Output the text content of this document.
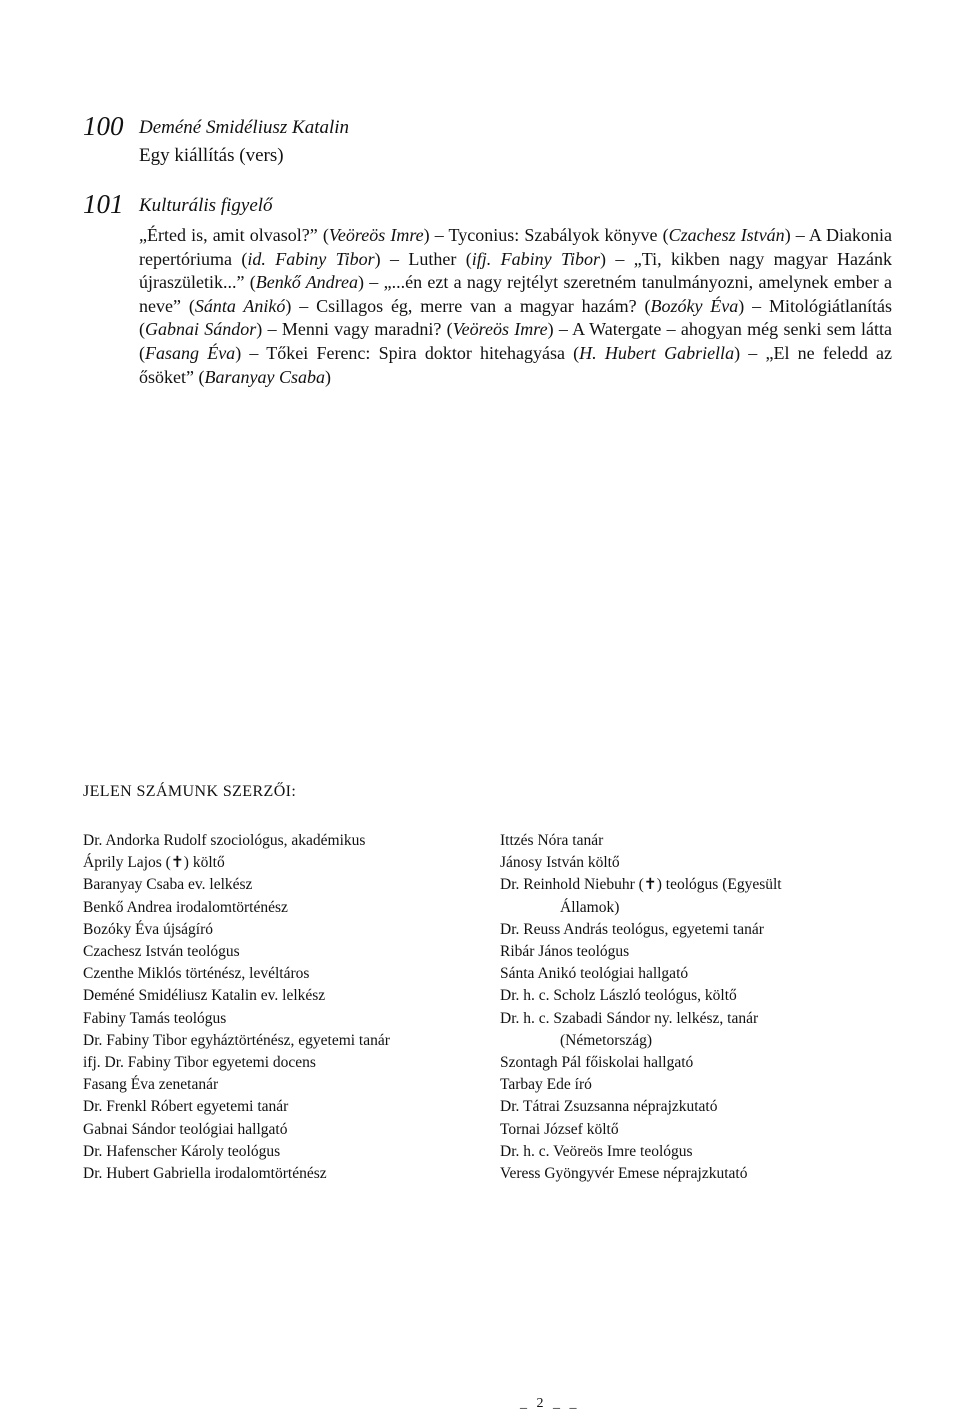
100 Deméné Smidéliusz Katalin
Egy kiállítás (vers)
101 Kulturális figyelő
„Érted is, amit olvasol?” (Veöreös Imre) – Tyconius: Szabályok könyve (Czachesz István) – A Diakonia repertóriuma (id. Fabiny Tibor) – Luther (ifj. Fabiny Tibor) – „Ti, kikben nagy magyar Hazánk újraszületik...” (Benkő Andrea) – „...én ezt a nagy rejtélyt szeretném tanulmányozni, amelynek ember a neve” (Sánta Anikó) – Csillagos ég, merre van a magyar hazám? (Bozóky Éva) – Mitológiátlanítás (Gabnai Sándor) – Menni vagy maradni? (Veöreös Imre) – A Watergate – ahogyan még senki sem látta (Fasang Éva) – Tőkei Ferenc: Spira doktor hitehagyása (H. Hubert Gabriella) – „El ne feledd az ősöket” (Baranyay Csaba)
JELEN SZÁMUNK SZERZŐI:
Dr. Andorka Rudolf szociológus, akadémikus
Áprily Lajos (✝) költő
Baranyay Csaba ev. lelkész
Benkő Andrea irodalomtörténész
Bozóky Éva újságíró
Czachesz István teológus
Czenthe Miklós történész, levéltáros
Deméné Smidéliusz Katalin ev. lelkész
Fabiny Tamás teológus
Dr. Fabiny Tibor egyháztörténész, egyetemi tanár
ifj. Dr. Fabiny Tibor egyetemi docens
Fasang Éva zenetanár
Dr. Frenkl Róbert egyetemi tanár
Gabnai Sándor teológiai hallgató
Dr. Hafenscher Károly teológus
Dr. Hubert Gabriella irodalomtörténész
Ittzés Nóra tanár
Jánosy István költő
Dr. Reinhold Niebuhr (✝) teológus (Egyesült
Államok)
Dr. Reuss András teológus, egyetemi tanár
Ribár János teológus
Sánta Anikó teológiai hallgató
Dr. h. c. Scholz László teológus, költő
Dr. h. c. Szabadi Sándor ny. lelkész, tanár
(Németország)
Szontagh Pál főiskolai hallgató
Tarbay Ede író
Dr. Tátrai Zsuzsanna néprajzkutató
Tornai József költő
Dr. h. c. Veöreös Imre teológus
Veress Gyöngyvér Emese néprajzkutató
_ 2 _ _
